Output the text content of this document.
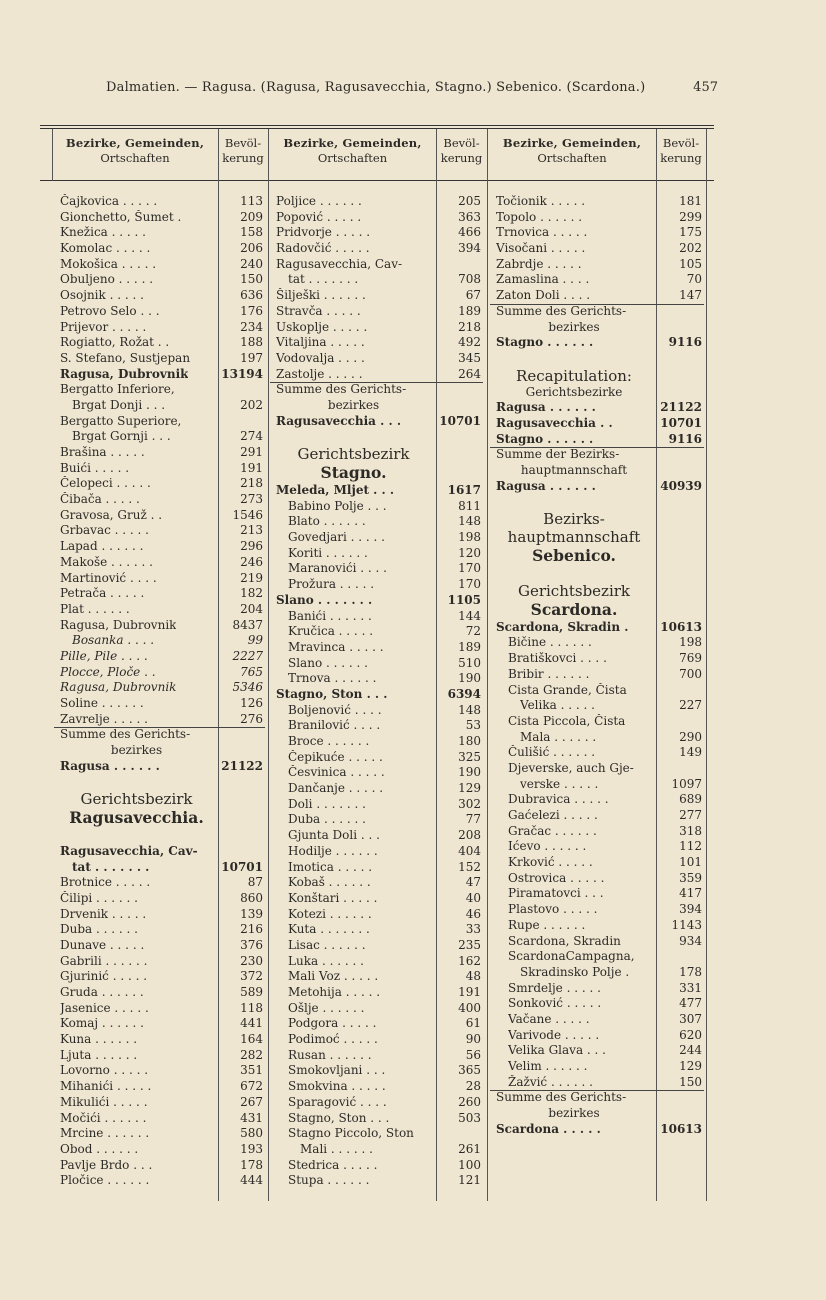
Dalmatien. — Ragusa. (Ragusa, Ragusavecchia, Stagno.) Sebenico. (Scardona.)	457
Bezirke, Gemeinden,
Ortschaften
Bevöl-
kerung
Bezirke, Gemeinden,
Ortschaften
Bevöl-
kerung
Bezirke, Gemeinden,
Ortschaften
Bevöl-
kerung
Čajkovica . . . . .	113
Gionchetto, Šumet .	209
Knežica . . . . .	158
Komolac . . . . .	206
Mokošica . . . . .	240
Obuljeno . . . . .	150
Osojnik . . . . .	636
Petrovo Selo . . .	176
Prijevor . . . . .	234
Rogiatto, Rožat . .	188
S. Stefano, Sustjepan	197
Ragusa, Dubrovnik	13194
Bergatto Inferiore,
Brgat Donji . . .	202
Bergatto Superiore,
Brgat Gornji . . .	274
Brašina . . . . .	291
Buići . . . . .	191
Čelopeci . . . . .	218
Čibača . . . . .	273
Gravosa, Gruž . .	1546
Grbavac . . . . .	213
Lapad . . . . . .	296
Makoše . . . . . .	246
Martinović . . . .	219
Petrača . . . . .	182
Plat . . . . . .	204
Ragusa, Dubrovnik	8437
Bosanka . . . .	99
Pille, Pile . . . .	2227
Plocce, Ploče . .	765
Ragusa, Dubrovnik	5346
Soline . . . . . .	126
Zavrelje . . . . .	276
Summe des Gerichts-
bezirkes
Ragusa . . . . . .	21122
Gerichtsbezirk
Ragusavecchia.
Ragusavecchia, Cav-
tat . . . . . . .	10701
Brotnice . . . . .	87
Čilipi . . . . . .	860
Drvenik . . . . .	139
Duba . . . . . .	216
Dunave . . . . .	376
Gabrili . . . . . .	230
Gjurinić . . . . .	372
Gruda . . . . . .	589
Jasenice . . . . .	118
Komaj . . . . . .	441
Kuna . . . . . .	164
Ljuta . . . . . .	282
Lovorno . . . . .	351
Mihanići . . . . .	672
Mikulići . . . . .	267
Močići . . . . . .	431
Mrcine . . . . . .	580
Obod . . . . . .	193
Pavlje Brdo . . .	178
Pločice . . . . . .	444
Poljice . . . . . .	205
Popović . . . . .	363
Pridvorje . . . . .	466
Radovčić . . . . .	394
Ragusavecchia, Cav-
tat . . . . . . .	708
Šilješki . . . . . .	67
Stravča . . . . .	189
Uskoplje . . . . .	218
Vitaljina . . . . .	492
Vodovalja . . . .	345
Zastolje . . . . .	264
Summe des Gerichts-
bezirkes
Ragusavecchia . . .	10701
Gerichtsbezirk
Stagno.
Meleda, Mljet . . .	1617
Babino Polje . . .	811
Blato . . . . . .	148
Govedjari . . . . .	198
Koriti . . . . . .	120
Maranovići . . . .	170
Prožura . . . . .	170
Slano . . . . . . .	1105
Banići . . . . . .	144
Kručica . . . . .	72
Mravinca . . . . .	189
Slano . . . . . .	510
Trnova . . . . . .	190
Stagno, Ston . . .	6394
Boljenović . . . .	148
Branilović . . . .	53
Broce . . . . . .	180
Čepikuće . . . . .	325
Česvinica . . . . .	190
Dančanje . . . . .	129
Doli . . . . . . .	302
Duba . . . . . .	77
Gjunta Doli . . .	208
Hodilje . . . . . .	404
Imotica . . . . .	152
Kobaš . . . . . .	47
Konštari . . . . .	40
Kotezi . . . . . .	46
Kuta . . . . . . .	33
Lisac . . . . . .	235
Luka . . . . . .	162
Mali Voz . . . . .	48
Metohija . . . . .	191
Ošlje . . . . . .	400
Podgora . . . . .	61
Podimoć . . . . .	90
Rusan . . . . . .	56
Smokovljani . . .	365
Smokvina . . . . .	28
Sparagović . . . .	260
Stagno, Ston . . .	503
Stagno Piccolo, Ston
Mali . . . . . .	261
Stedrica . . . . .	100
Stupa . . . . . .	121
Točionik . . . . .	181
Topolo . . . . . .	299
Trnovica . . . . .	175
Visočani . . . . .	202
Zabrdje . . . . .	105
Zamaslina . . . .	70
Zaton Doli . . . .	147
Summe des Gerichts-
bezirkes
Stagno . . . . . .	9116
Recapitulation:
Gerichtsbezirke
Ragusa . . . . . .	21122
Ragusavecchia . .	10701
Stagno . . . . . .	9116
Summe der Bezirks-
hauptmannschaft
Ragusa . . . . . .	40939
Bezirks-
hauptmannschaft
Sebenico.
Gerichtsbezirk
Scardona.
Scardona, Skradin .	10613
Bičine . . . . . .	198
Bratiškovci . . . .	769
Bribir . . . . . .	700
Cista Grande, Čista
Velika . . . . .	227
Cista Piccola, Čista
Mala . . . . . .	290
Čulišić . . . . . .	149
Djeverske, auch Gje-
verske . . . . .	1097
Dubravica . . . . .	689
Gaćelezi . . . . .	277
Gračac . . . . . .	318
Ićevo . . . . . .	112
Krković . . . . .	101
Ostrovica . . . . .	359
Piramatovci . . .	417
Plastovo . . . . .	394
Rupe . . . . . .	1143
Scardona, Skradin	934
ScardonaCampagna,
Skradinsko Polje .	178
Smrdelje . . . . .	331
Sonković . . . . .	477
Vačane . . . . .	307
Varivode . . . . .	620
Velika Glava . . .	244
Velim . . . . . .	129
Žažvić . . . . . .	150
Summe des Gerichts-
bezirkes
Scardona . . . . .	10613
